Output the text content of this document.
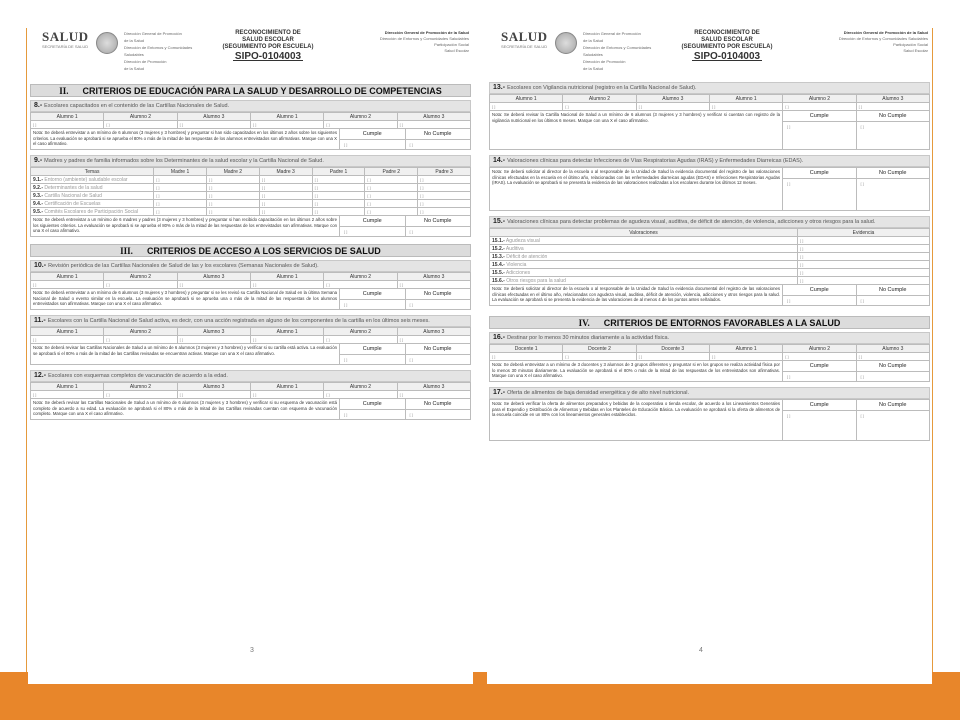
SALUD
SECRETARÍA DE SALUD
Dirección General de Promoción
de la Salud
Dirección de Entornos y Comunidades
Saludables
Dirección de Promoción
de la Salud
RECONOCIMIENTO DE
SALUD ESCOLAR
(SEGUIMIENTO POR ESCUELA)
SIPO-0104003
Dirección General de Promoción de la Salud
Dirección de Entornos y Comunidades Saludables
Participación Social
Salud Escolar
II. CRITERIOS DE EDUCACIÓN PARA LA SALUD Y DESARROLLO DE COMPETENCIAS
8.- Escolares capacitados en el contenido de las Cartillas Nacionales de Salud.
Alumno 1	Alumno 2	Alumno 3	Alumno 1	Alumno 2	Alumno 3
[ ]	[ ]	[ ]	[ ]	[ ]	[ ]
Nota: Se deberá entrevistar a un mínimo de 6 alumnos (3 mujeres y 3 hombres) y preguntar si han sido capacitados en los últimos 2 años sobre los siguientes criterios. La evaluación se aprobará si se aprueba el 80% o más de la mitad de las respuestas de los alumnos entrevistados son afirmativas. Marque con una X el caso afirmativo.
Cumple	No Cumple
[ ]	[ ]
9.- Madres y padres de familia informados sobre los Determinantes de la salud escolar y la Cartilla Nacional de Salud.
Temas	Madre 1	Madre 2	Madre 3	Padre 1	Padre 2	Padre 3
9.1.- Entorno (ambiente) saludable escolar	[ ]	[ ]	[ ]	[ ]	[ ]	[ ]
9.2.- Determinantes de la salud	[ ]	[ ]	[ ]	[ ]	[ ]	[ ]
9.3.- Cartilla Nacional de Salud	[ ]	[ ]	[ ]	[ ]	[ ]	[ ]
9.4.- Certificación de Escuelas	[ ]	[ ]	[ ]	[ ]	[ ]	[ ]
9.5.- Comités Escolares de Participación Social	[ ]	[ ]	[ ]	[ ]	[ ]	[ ]
Nota: Se deberá entrevistar a un mínimo de 6 madres y padres (3 mujeres y 3 hombres) y preguntar si han recibido capacitación en los últimos 2 años sobre los siguientes criterios. La evaluación se aprobará si se aprueba el 80% o más de la mitad de las respuestas de los entrevistados son afirmativas. Marque con una X el caso afirmativo.
Cumple	No Cumple
[ ]	[ ]
III. CRITERIOS DE ACCESO A LOS SERVICIOS DE SALUD
10.- Revisión periódica de las Cartillas Nacionales de Salud de las y los escolares (Semanas Nacionales de Salud).
Alumno 1	Alumno 2	Alumno 3	Alumno 1	Alumno 2	Alumno 3
[ ]	[ ]	[ ]	[ ]	[ ]	[ ]
Nota: Se deberá entrevistar a un mínimo de 6 alumnos (3 mujeres y 3 hombres) y preguntar si se les revisó su Cartilla Nacional de Salud en la última Semana Nacional de Salud o evento similar en la escuela. La evaluación se aprobará si se aprueba una o más de la mitad de las respuestas de los alumnos entrevistados son afirmativas. Marque con una X el caso afirmativo.
Cumple	No Cumple
[ ]	[ ]
11.- Escolares con la Cartilla Nacional de Salud activa, es decir, con una acción registrada en alguno de los componentes de la cartilla en los últimos seis meses.
Alumno 1	Alumno 2	Alumno 3	Alumno 1	Alumno 2	Alumno 3
[ ]	[ ]	[ ]	[ ]	[ ]	[ ]
Nota: Se deberá revisar las Cartillas Nacionales de Salud a un mínimo de 6 alumnos (3 mujeres y 3 hombres) y verificar si su cartilla está activa. La evaluación se aprobará si el 80% o más de la mitad de las Cartillas revisadas se encuentran activas. Marque con una X el caso afirmativo.
Cumple	No Cumple
[ ]	[ ]
12.- Escolares con esquemas completos de vacunación de acuerdo a la edad.
Alumno 1	Alumno 2	Alumno 3	Alumno 1	Alumno 2	Alumno 3
[ ]	[ ]	[ ]	[ ]	[ ]	[ ]
Nota: Se deberá revisar las Cartillas Nacionales de Salud a un mínimo de 6 alumnos (3 mujeres y 3 hombres) y verificar si su esquema de vacunación está completo de acuerdo a su edad. La evaluación se aprobará si el 80% o más de la mitad de las Cartillas revisadas cuentan con esquema de vacunación completo. Marque con una X el caso afirmativo.
Cumple	No Cumple
[ ]	[ ]
3
SALUD
SECRETARÍA DE SALUD
Dirección General de Promoción
de la Salud
Dirección de Entornos y Comunidades
Saludables
Dirección de Promoción
de la Salud
RECONOCIMIENTO DE
SALUD ESCOLAR
(SEGUIMIENTO POR ESCUELA)
SIPO-0104003
Dirección General de Promoción de la Salud
Dirección de Entornos y Comunidades Saludables
Participación Social
Salud Escolar
13.- Escolares con Vigilancia nutricional (registro en la Cartilla Nacional de Salud).
Alumno 1	Alumno 2	Alumno 3	Alumno 1	Alumno 2	Alumno 3
[ ]	[ ]	[ ]	[ ]	[ ]	[ ]
Nota: Se deberá revisar la Cartilla Nacional de Salud a un mínimo de 6 alumnos (3 mujeres y 3 hombres) y verificar si cuentan con registro de la vigilancia nutricional en los últimos 6 meses. Marque con una X el caso afirmativo.
Cumple	No Cumple
[ ]	[ ]
14.- Valoraciones clínicas para detectar Infecciones de Vías Respiratorias Agudas (IRAS) y Enfermedades Diarreicas (EDAS).
Nota: Se deberá solicitar al director de la escuela o al responsable de la Unidad de Salud la evidencia documental del registro de las valoraciones clínicas efectuadas en la escuela en el último año, relacionadas con las enfermedades diarreicas agudas (EDAS) e Infecciones Respiratorias Agudas (IRAS). La evaluación se aprobará si se presenta la evidencia de las valoraciones realizadas a los escolares durante los últimos 12 meses.
Cumple	No Cumple
[ ]	[ ]
15.- Valoraciones clínicas para detectar problemas de agudeza visual, auditiva, de déficit de atención, de violencia, adicciones y otros riesgos para la salud.
Valoraciones	Evidencia
15.1.- Agudeza visual	[ ]
15.2.- Auditiva	[ ]
15.3.- Déficit de atención	[ ]
15.4.- Violencia	[ ]
15.5.- Adicciones	[ ]
15.6.- Otros riesgos para la salud	[ ]
Nota: Se deberá solicitar al director de la escuela o al responsable de la Unidad de Salud la evidencia documental del registro de las valoraciones clínicas efectuadas en el último año, relacionadas con agudeza visual, auditiva, déficit de atención, violencia, adicciones y otros riesgos para la salud. La evaluación se aprobará si se presenta la evidencia de las valoraciones de al menos 4 de los puntos antes señalados.
Cumple	No Cumple
[ ]	[ ]
IV. CRITERIOS DE ENTORNOS FAVORABLES A LA SALUD
16.- Destinar por lo menos 30 minutos diariamente a la actividad física.
Docente 1	Docente 2	Docente 3	Alumno 1	Alumno 2	Alumno 3
[ ]	[ ]	[ ]	[ ]	[ ]	[ ]
Nota: Se deberá entrevistar a un mínimo de 3 docentes y 3 alumnos de 3 grupos diferentes y preguntar si en los grupos se realiza actividad física por lo menos 30 minutos diariamente. La evaluación se aprobará si el 80% o más de la mitad de las respuestas de los entrevistados son afirmativas. Marque con una X el caso afirmativo.
Cumple	No Cumple
[ ]	[ ]
17.- Oferta de alimentos de baja densidad energética y de alto nivel nutricional.
Nota: Se deberá verificar la oferta de alimentos preparados y bebidas de la cooperativa o tienda escolar, de acuerdo a los Lineamientos Generales para el Expendio y Distribución de Alimentos y Bebidas en los Planteles de Educación Básica. La evaluación se aprobará si la oferta de alimentos de la escuela coincide en un 80% con los lineamientos generales establecidos.
Cumple	No Cumple
[ ]	[ ]
4
